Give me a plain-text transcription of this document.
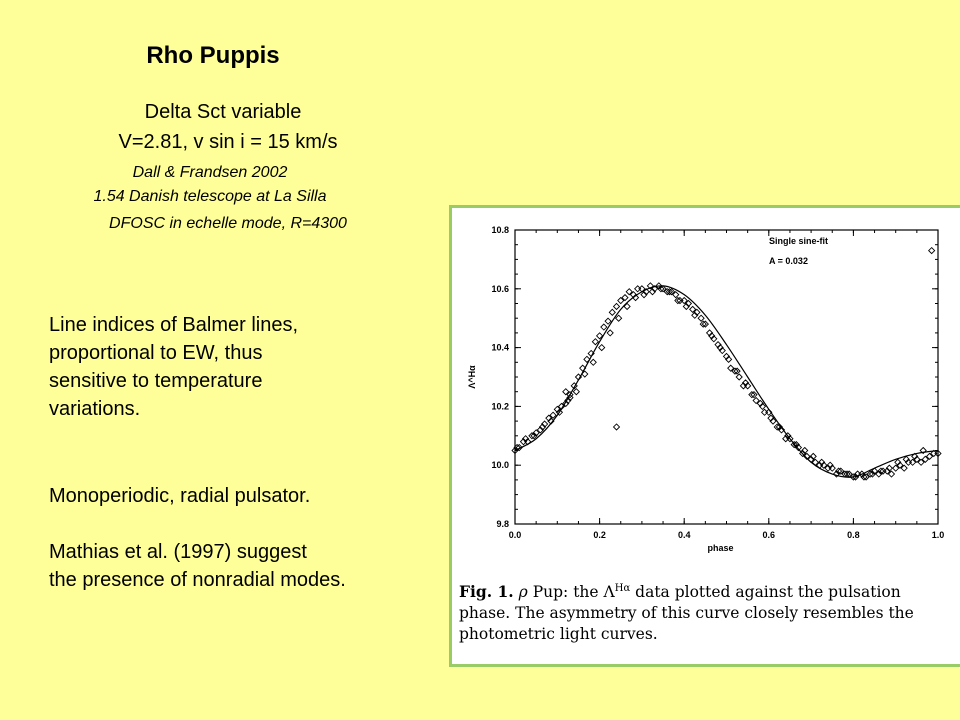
Rho Puppis
Delta Sct variable
V=2.81, v sin i = 15 km/s
Dall & Frandsen 2002
1.54 Danish telescope at La Silla
DFOSC in echelle mode, R=4300
Line indices of Balmer lines,
proportional to EW, thus
sensitive to temperature
variations.
Monoperiodic, radial pulsator.
Mathias et al. (1997) suggest
the presence of nonradial modes.
0.0	0.2	0.4	0.6	0.8	1.0
9.8
10.0
10.2
10.4
10.6
10.8
phase
Λ^Hα
Single sine-fit
A = 0.032
Fig. 1. ρ Pup: the $\Lambda^{H\alpha}$ data plotted against the pulsation phase. The asymmetry of this curve closely resembles the photometric light curves.
